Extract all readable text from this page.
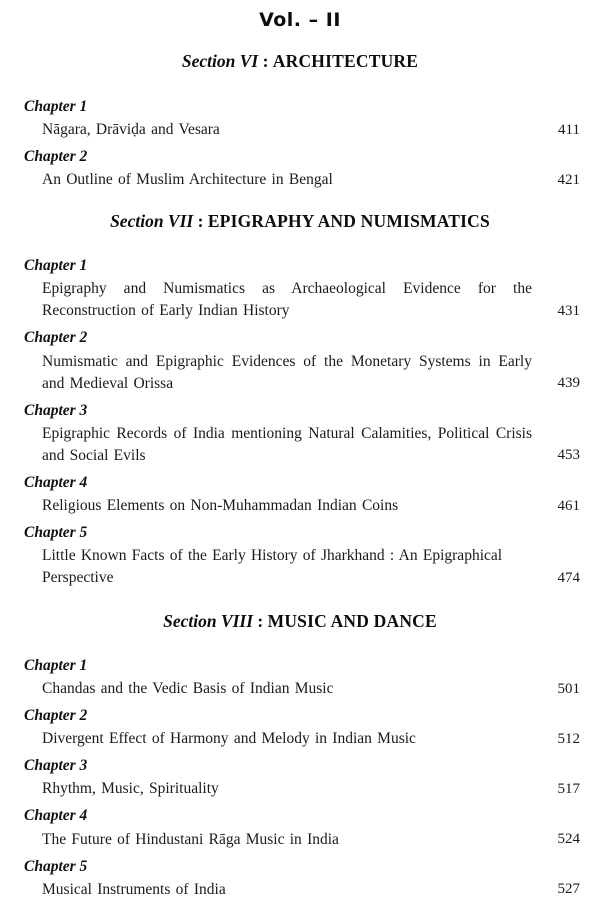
Vol. – II
Section VI : ARCHITECTURE
Chapter 1
Nāgara, Drāviḍa and Vesara	411
Chapter 2
An Outline of Muslim Architecture in Bengal	421
Section VII : EPIGRAPHY AND NUMISMATICS
Chapter 1
Epigraphy and Numismatics as Archaeological Evidence for the Reconstruction of Early Indian History	431
Chapter 2
Numismatic and Epigraphic Evidences of the Monetary Systems in Early and Medieval Orissa	439
Chapter 3
Epigraphic Records of India mentioning Natural Calamities, Political Crisis and Social Evils	453
Chapter 4
Religious Elements on Non-Muhammadan Indian Coins	461
Chapter 5
Little Known Facts of the Early History of Jharkhand : An Epigraphical Perspective	474
Section VIII : MUSIC AND DANCE
Chapter 1
Chandas and the Vedic Basis of Indian Music	501
Chapter 2
Divergent Effect of Harmony and Melody in Indian Music	512
Chapter 3
Rhythm, Music, Spirituality	517
Chapter 4
The Future of Hindustani Rāga Music in India	524
Chapter 5
Musical Instruments of India	527
